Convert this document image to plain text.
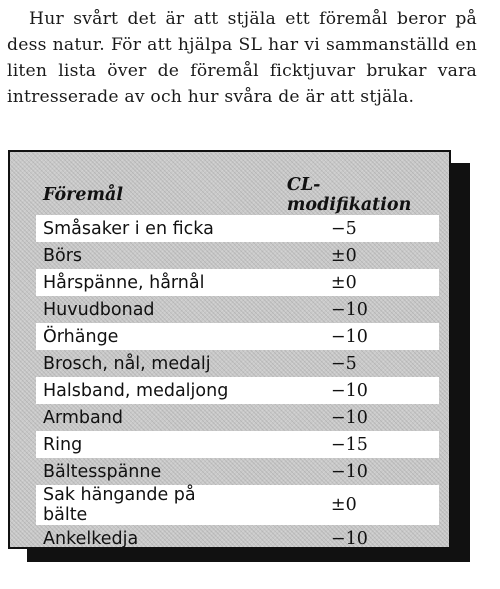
Hur svårt det är att stjäla ett föremål beror på dess natur. För att hjälpa SL har vi sammanställd en liten lista över de föremål ficktjuvar brukar vara intresserade av och hur svåra de är att stjäla.

Föremål	CL-modifikation
Småsaker i en ficka	−5
Börs	±0
Hårspänne, hårnål	±0
Huvudbonad	−10
Örhänge	−10
Brosch, nål, medalj	−5
Halsband, medaljong	−10
Armband	−10
Ring	−15
Bältesspänne	−10
Sak hängande på bälte	±0
Ankelkedja	−10
